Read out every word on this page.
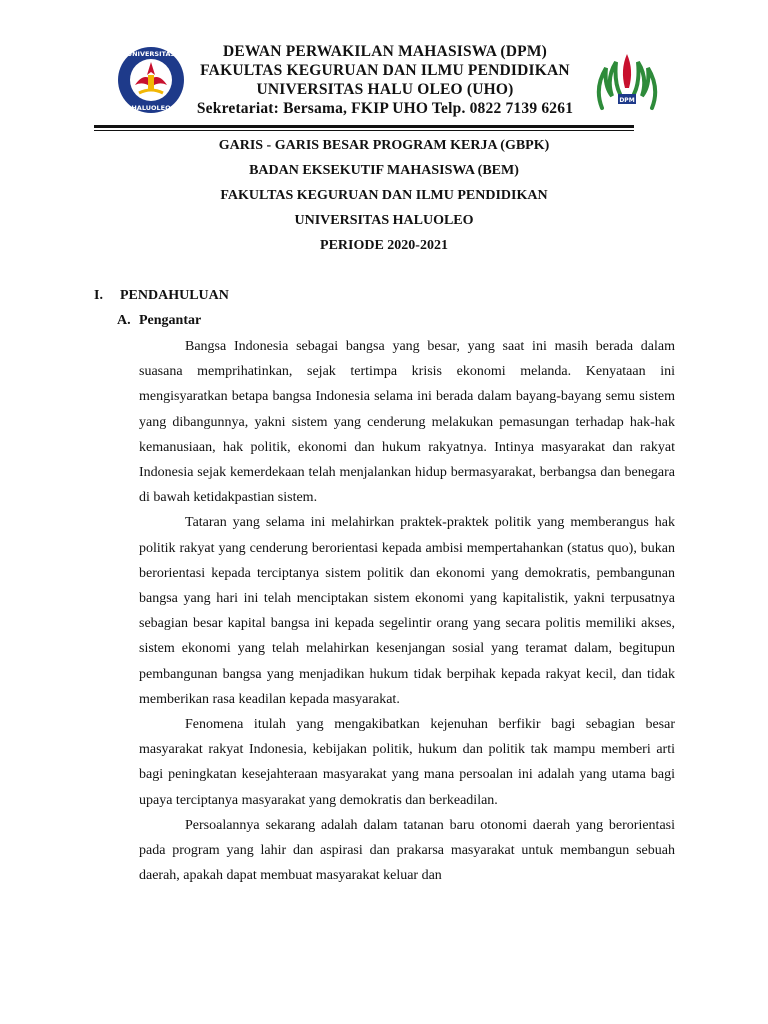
UNIVERSITAS
HALUOLEO
DEWAN PERWAKILAN MAHASISWA (DPM)
FAKULTAS KEGURUAN DAN ILMU PENDIDIKAN
UNIVERSITAS HALU OLEO (UHO)
Sekretariat: Bersama, FKIP UHO Telp. 0822 7139 6261	DPM
GARIS - GARIS BESAR PROGRAM KERJA (GBPK)
BADAN EKSEKUTIF MAHASISWA (BEM)
FAKULTAS KEGURUAN DAN ILMU PENDIDIKAN
UNIVERSITAS HALUOLEO
PERIODE 2020-2021
I. PENDAHULUAN
A. Pengantar

Bangsa Indonesia sebagai bangsa yang besar, yang saat ini masih berada dalam suasana memprihatinkan, sejak tertimpa krisis ekonomi melanda. Kenyataan ini mengisyaratkan betapa bangsa Indonesia selama ini berada dalam bayang-bayang semu sistem yang dibangunnya, yakni sistem yang cenderung melakukan pemasungan terhadap hak-hak kemanusiaan, hak politik, ekonomi dan hukum rakyatnya. Intinya masyarakat dan rakyat Indonesia sejak kemerdekaan telah menjalankan hidup bermasyarakat, berbangsa dan benegara di bawah ketidakpastian sistem.

Tataran yang selama ini melahirkan praktek-praktek politik yang memberangus hak politik rakyat yang cenderung berorientasi kepada ambisi mempertahankan (status quo), bukan berorientasi kepada terciptanya sistem politik dan ekonomi yang demokratis, pembangunan bangsa yang hari ini telah menciptakan sistem ekonomi yang kapitalistik, yakni terpusatnya sebagian besar kapital bangsa ini kepada segelintir orang yang secara politis memiliki akses, sistem ekonomi yang telah melahirkan kesenjangan sosial yang teramat dalam, begitupun pembangunan bangsa yang menjadikan hukum tidak berpihak kepada rakyat kecil, dan tidak memberikan rasa keadilan kepada masyarakat.

Fenomena itulah yang mengakibatkan kejenuhan berfikir bagi sebagian besar masyarakat rakyat Indonesia, kebijakan politik, hukum dan politik tak mampu memberi arti bagi peningkatan kesejahteraan masyarakat yang mana persoalan ini adalah yang utama bagi upaya terciptanya masyarakat yang demokratis dan berkeadilan.

Persoalannya sekarang adalah dalam tatanan baru otonomi daerah yang berorientasi pada program yang lahir dan aspirasi dan prakarsa masyarakat untuk membangun sebuah daerah, apakah dapat membuat masyarakat keluar dan
